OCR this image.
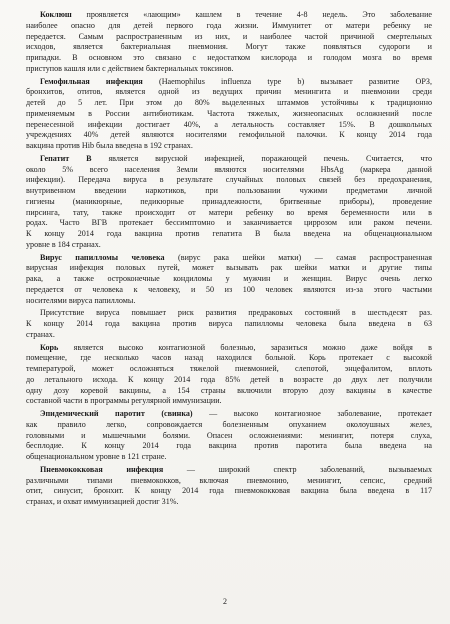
Коклюш проявляется «лающим» кашлем в течение 4-8 недель. Это заболевание
наиболее опасно для детей первого года жизни. Иммунитет от матери ребенку не
передается. Самым распространенным из них, и наиболее частой причиной смертельных
исходов, является бактериальная пневмония. Могут также появляться судороги и
припадки. В основном это связано с недостатком кислорода и голодом мозга во время
приступов кашля или с действием бактериальных токсинов.
Гемофильная инфекция (Haemophilus influenza type b) вызывает развитие ОРЗ,
бронхитов, отитов, является одной из ведущих причин менингита и пневмонии среди
детей до 5 лет. При этом до 80% выделенных штаммов устойчивы к традиционно
применяемым в России антибиотикам. Частота тяжелых, жизнеопасных осложнений после
перенесенной инфекции достигает 40%, а летальность составляет 15%. В дошкольных
учреждениях 40% детей являются носителями гемофильной палочки. К концу 2014 года
вакцина против Hib была введена в 192 странах.
Гепатит В является вирусной инфекцией, поражающей печень. Считается, что
около 5% всего населения Земли являются носителями HbsAg (маркера данной
инфекции). Передача вируса в результате случайных половых связей без предохранения,
внутривенном введении наркотиков, при пользовании чужими предметами личной
гигиены (маникюрные, педикюрные принадлежности, бритвенные приборы), проведение
пирсинга, тату, также происходит от матери ребенку во время беременности или в
родах. Часто ВГВ протекает бессимптомно и заканчивается циррозом или раком печени.
К концу 2014 года вакцина против гепатита В была введена на общенациональном
уровне в 184 странах.
Вирус папилломы человека (вирус рака шейки матки) — самая распространенная
вирусная инфекция половых путей, может вызывать рак шейки матки и другие типы
рака, а также остроконечные кондиломы у мужчин и женщин. Вирус очень легко
передается от человека к человеку, и 50 из 100 человек являются из-за этого частыми
носителями вируса папилломы.
Присутствие вируса повышает риск развития предраковых состояний в шестьдесят раз.
К концу 2014 года вакцина против вируса папилломы человека была введена в 63
странах.
Корь является высоко контагиозной болезнью, заразиться можно даже войдя в
помещение, где несколько часов назад находился больной. Корь протекает с высокой
температурой, может осложняться тяжелой пневмонией, слепотой, энцефалитом, вплоть
до летального исхода. К концу 2014 года 85% детей в возрасте до двух лет получили
одну дозу коревой вакцины, а 154 страны включили вторую дозу вакцины в качестве
составной части в программы регулярной иммунизации.
Эпидемический паротит (свинка) — высоко контагиозное заболевание, протекает
как правило легко, сопровождается болезненным опуханием околоушных желез,
головными и мышечными болями. Опасен осложнениями: менингит, потеря слуха,
бесплодие. К концу 2014 года вакцина против паротита была введена на
общенациональном уровне в 121 стране.
Пневмококковая инфекция — широкий спектр заболеваний, вызываемых
различными типами пневмококков, включая пневмонию, менингит, сепсис, средний
отит, синусит, бронхит. К концу 2014 года пневмококковая вакцина была введена в 117
странах, и охват иммунизацией достиг 31%.
2
